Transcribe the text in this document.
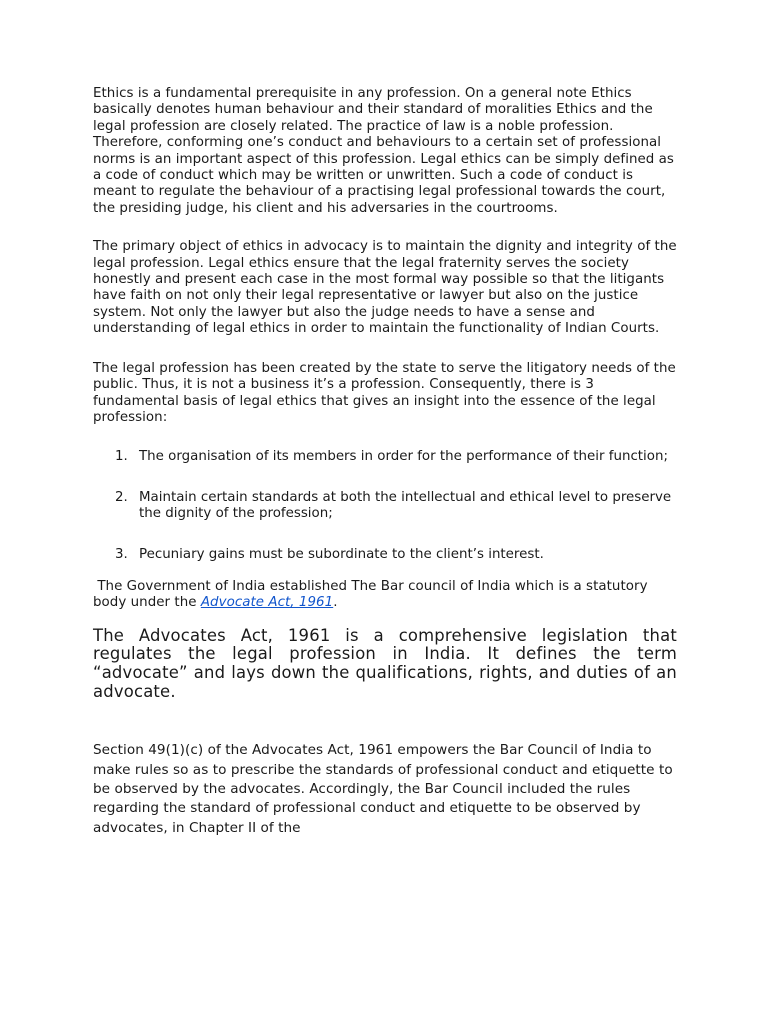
Ethics is a fundamental prerequisite in any profession. On a general note Ethics basically denotes human behaviour and their standard of moralities Ethics and the legal profession are closely related. The practice of law is a noble profession. Therefore, conforming one’s conduct and behaviours to a certain set of professional norms is an important aspect of this profession. Legal ethics can be simply defined as a code of conduct which may be written or unwritten. Such a code of conduct is meant to regulate the behaviour of a practising legal professional towards the court, the presiding judge, his client and his adversaries in the courtrooms.

The primary object of ethics in advocacy is to maintain the dignity and integrity of the legal profession. Legal ethics ensure that the legal fraternity serves the society honestly and present each case in the most formal way possible so that the litigants have faith on not only their legal representative or lawyer but also on the justice system. Not only the lawyer but also the judge needs to have a sense and understanding of legal ethics in order to maintain the functionality of Indian Courts.

The legal profession has been created by the state to serve the litigatory needs of the public. Thus, it is not a business it’s a profession. Consequently, there is 3 fundamental basis of legal ethics that gives an insight into the essence of the legal profession:

1. The organisation of its members in order for the performance of their function;
2. Maintain certain standards at both the intellectual and ethical level to preserve the dignity of the profession;
3. Pecuniary gains must be subordinate to the client’s interest.

The Government of India established The Bar council of India which is a statutory body under the Advocate Act, 1961.

The Advocates Act, 1961 is a comprehensive legislation that regulates the legal profession in India. It defines the term “advocate” and lays down the qualifications, rights, and duties of an advocate.

Section 49(1)(c) of the Advocates Act, 1961 empowers the Bar Council of India to make rules so as to prescribe the standards of professional conduct and etiquette to be observed by the advocates. Accordingly, the Bar Council included the rules regarding the standard of professional conduct and etiquette to be observed by advocates, in Chapter II of the
